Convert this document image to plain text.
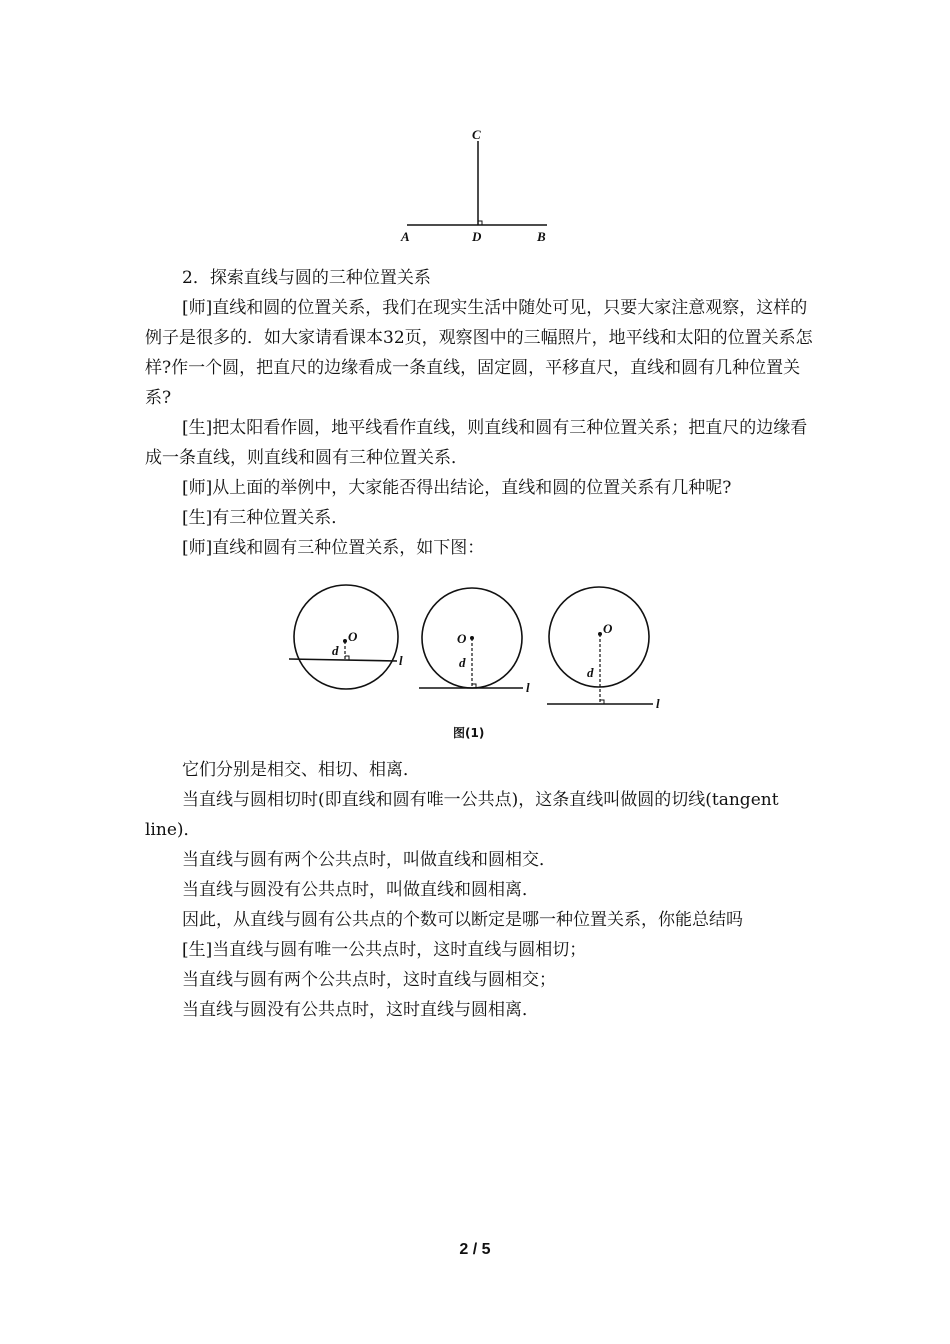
C
A	D	B

2．探索直线与圆的三种位置关系

[师]直线和圆的位置关系，我们在现实生活中随处可见，只要大家注意观察，这样的例子是很多的．如大家请看课本32页，观察图中的三幅照片，地平线和太阳的位置关系怎样?作一个圆，把直尺的边缘看成一条直线，固定圆，平移直尺，直线和圆有几种位置关系?

[生]把太阳看作圆，地平线看作直线，则直线和圆有三种位置关系；把直尺的边缘看成一条直线，则直线和圆有三种位置关系．

[师]从上面的举例中，大家能否得出结论，直线和圆的位置关系有几种呢?

[生]有三种位置关系．

[师]直线和圆有三种位置关系，如下图：

O
d
l
O
d
l
O
d
l
图(1)

它们分别是相交、相切、相离．

当直线与圆相切时(即直线和圆有唯一公共点)，这条直线叫做圆的切线(tangent line)．

当直线与圆有两个公共点时，叫做直线和圆相交．

当直线与圆没有公共点时，叫做直线和圆相离．

因此，从直线与圆有公共点的个数可以断定是哪一种位置关系，你能总结吗

[生]当直线与圆有唯一公共点时，这时直线与圆相切；

当直线与圆有两个公共点时，这时直线与圆相交；

当直线与圆没有公共点时，这时直线与圆相离．

2 / 5
